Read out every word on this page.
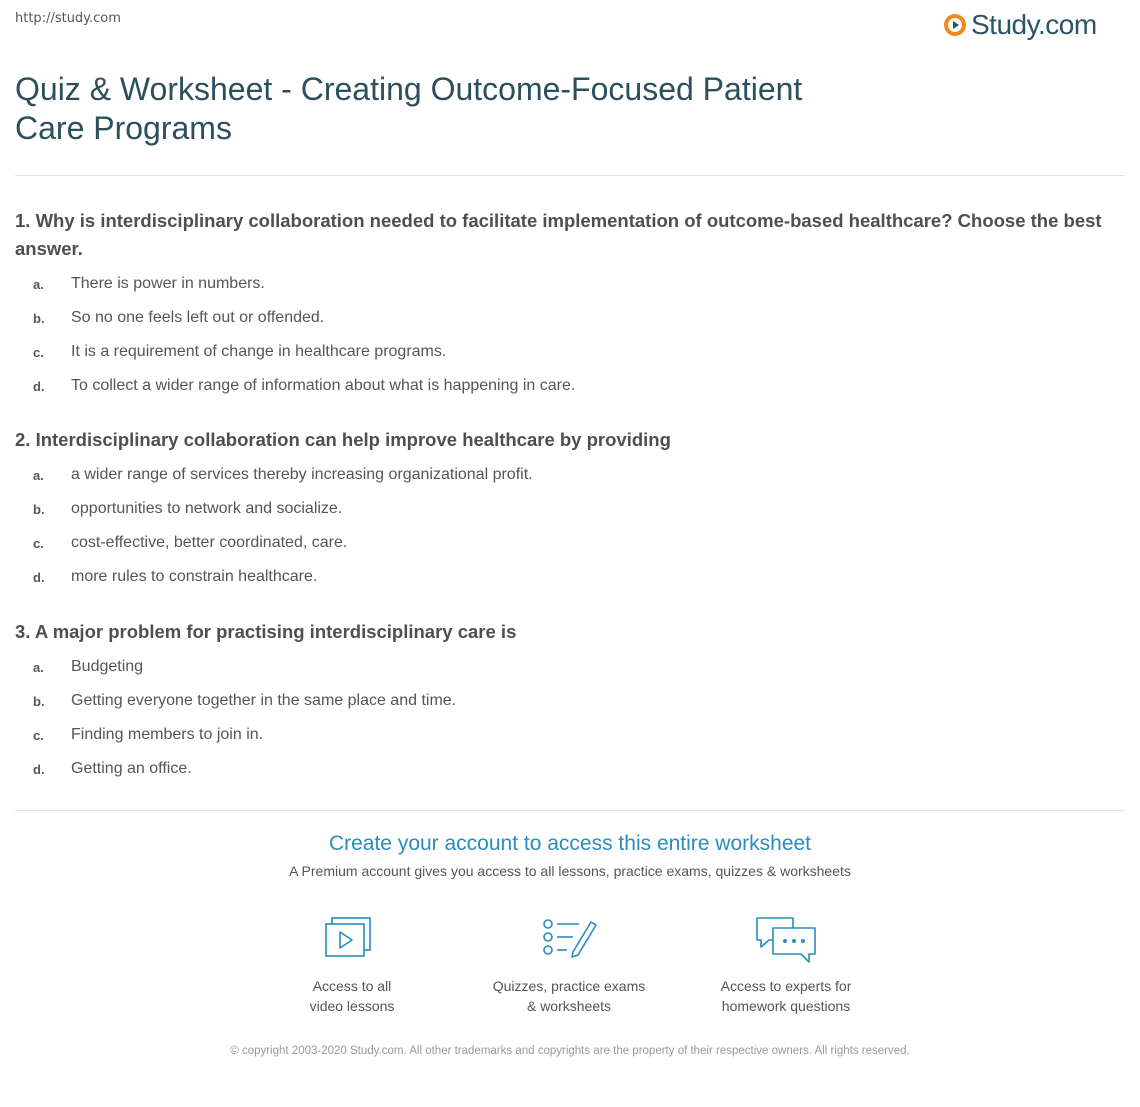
http://study.com	Study.com
Quiz & Worksheet - Creating Outcome-Focused Patient Care Programs

1. Why is interdisciplinary collaboration needed to facilitate implementation of outcome-based healthcare? Choose the best answer.

a.	There is power in numbers.
b.	So no one feels left out or offended.
c.	It is a requirement of change in healthcare programs.
d.	To collect a wider range of information about what is happening in care.

2. Interdisciplinary collaboration can help improve healthcare by providing

a.	a wider range of services thereby increasing organizational profit.
b.	opportunities to network and socialize.
c.	cost-effective, better coordinated, care.
d.	more rules to constrain healthcare.

3. A major problem for practising interdisciplinary care is

a.	Budgeting
b.	Getting everyone together in the same place and time.
c.	Finding members to join in.
d.	Getting an office.
Create your account to access this entire worksheet
A Premium account gives you access to all lessons, practice exams, quizzes & worksheets
Access to all
video lessons
Quizzes, practice exams
& worksheets
Access to experts for
homework questions
© copyright 2003-2020 Study.com. All other trademarks and copyrights are the property of their respective owners. All rights reserved.
